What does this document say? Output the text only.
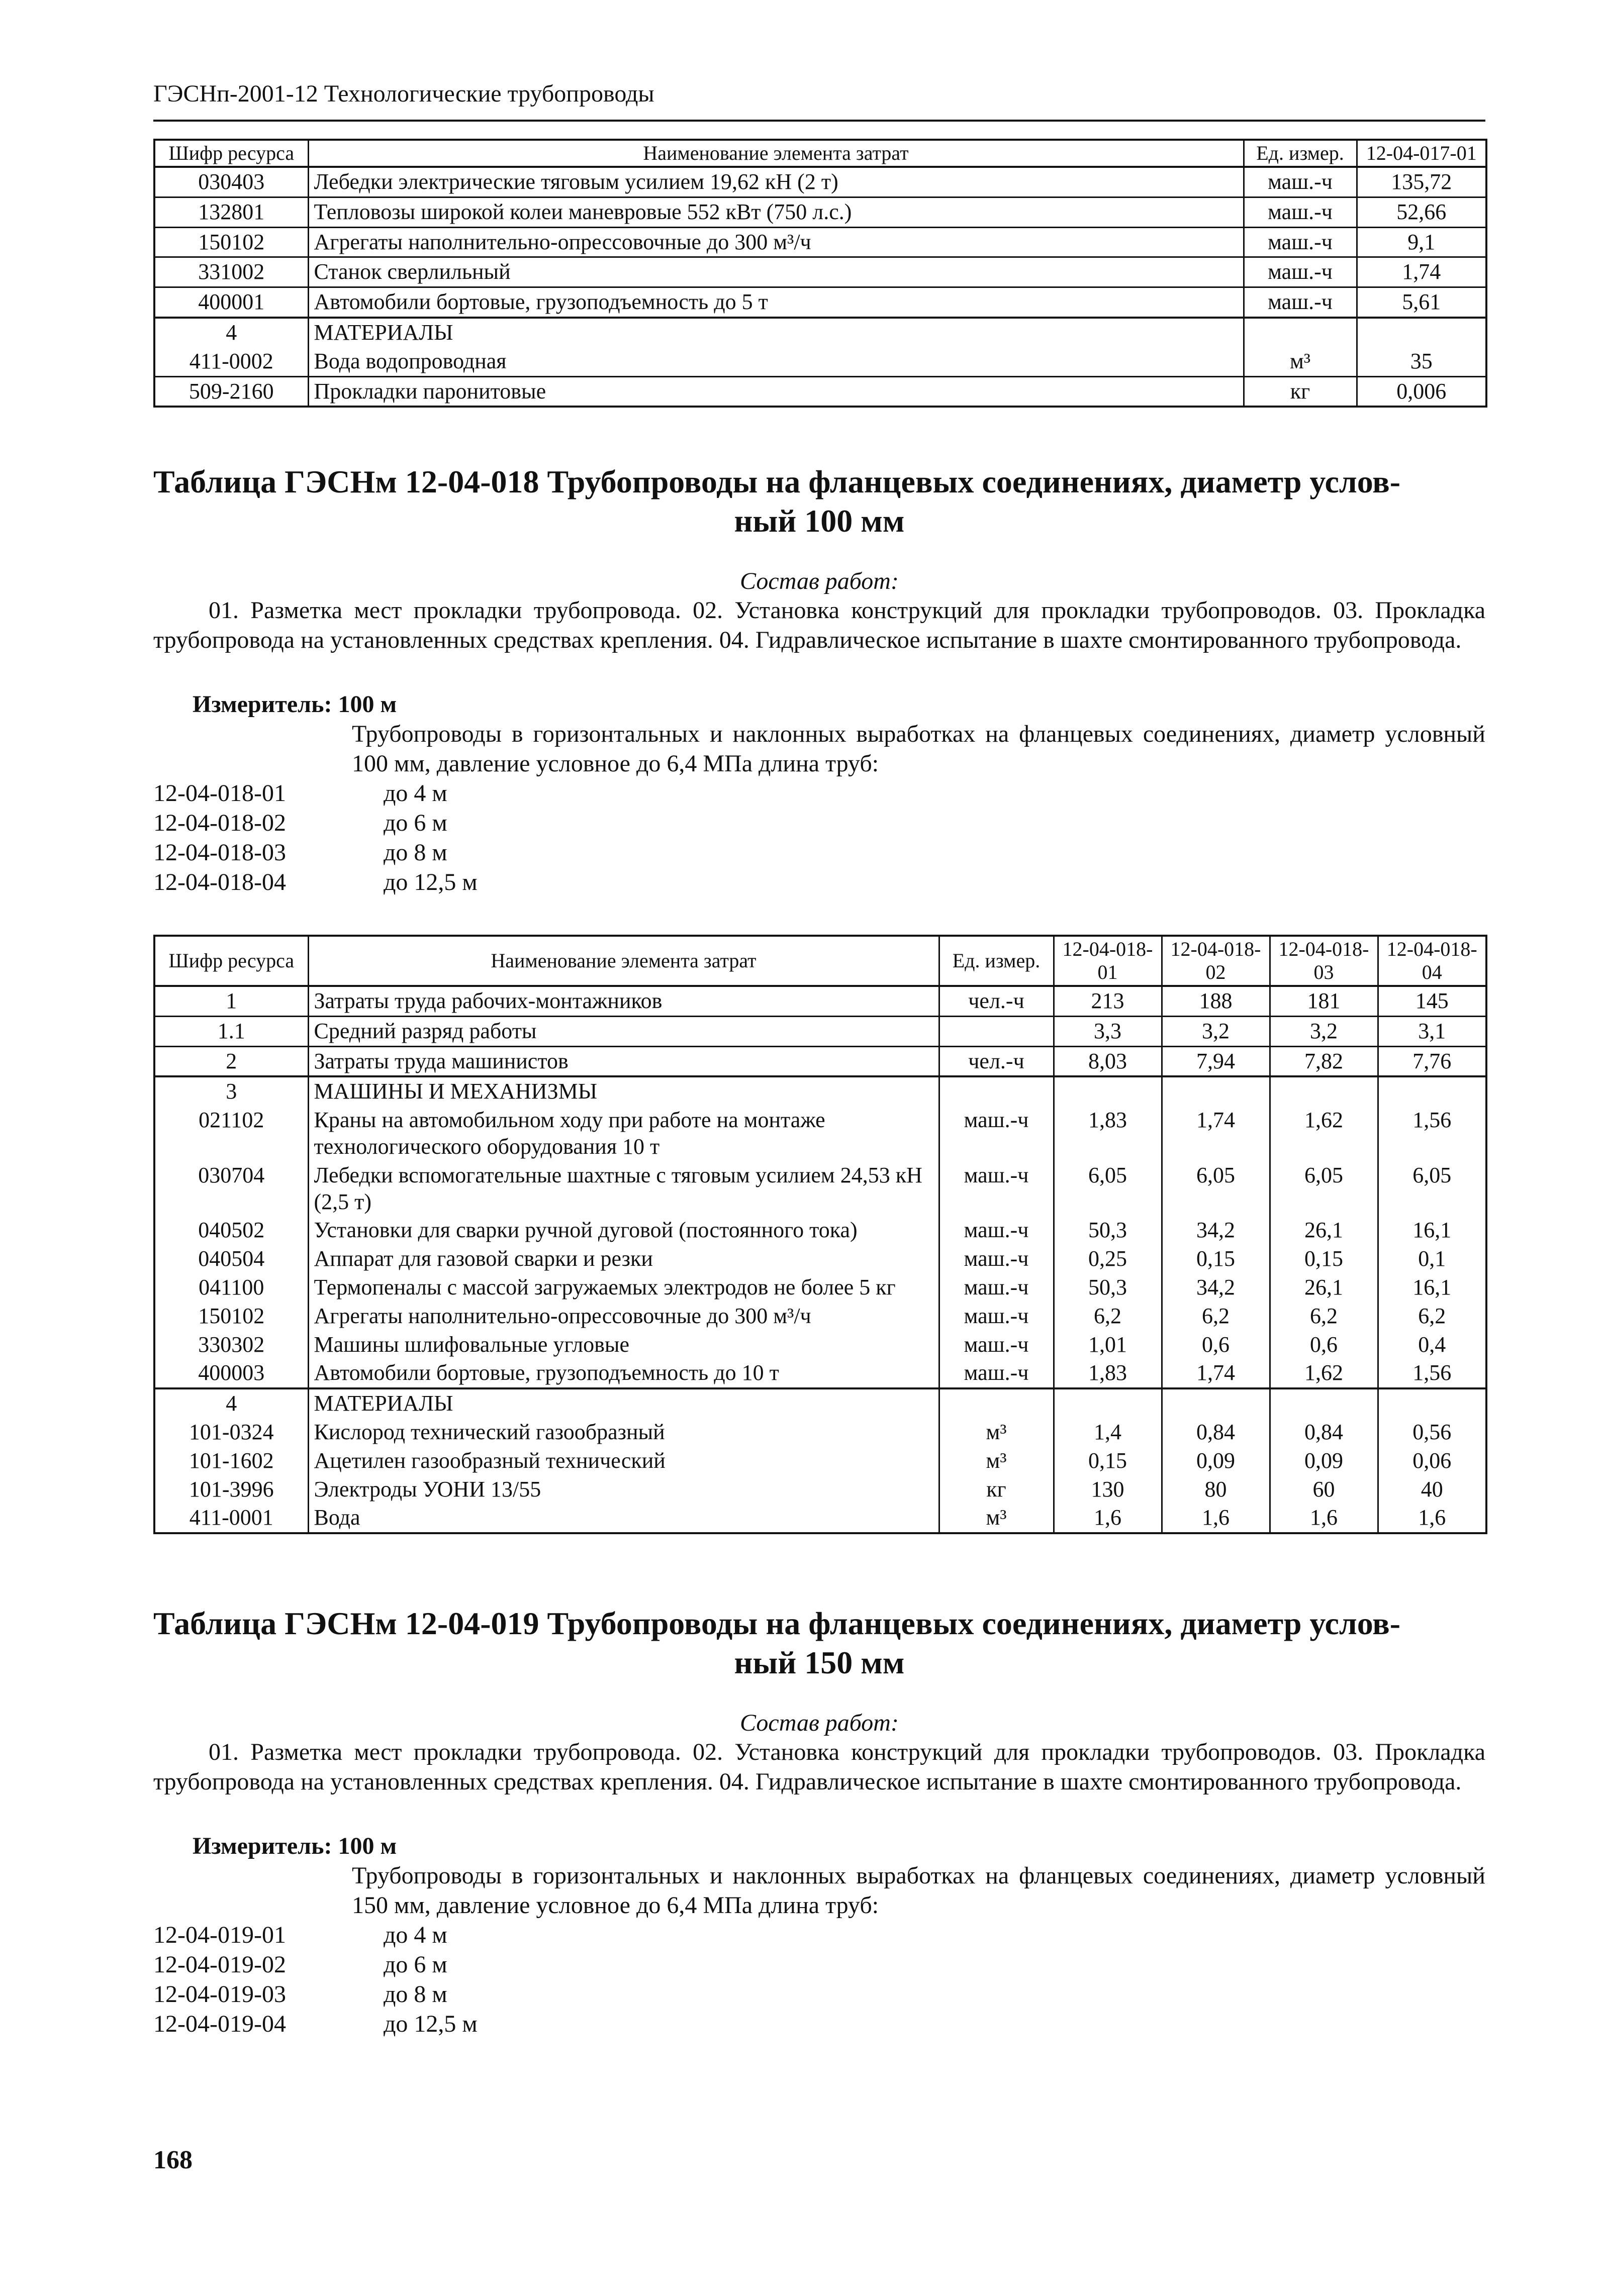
ГЭСНп-2001-12 Технологические трубопроводы
Шифр ресурса	Наименование элемента затрат	Ед. измер.	12-04-017-01
030403	Лебедки электрические тяговым усилием 19,62 кН (2 т)	маш.-ч	135,72
132801	Тепловозы широкой колеи маневровые 552 кВт (750 л.с.)	маш.-ч	52,66
150102	Агрегаты наполнительно-опрессовочные до 300 м³/ч	маш.-ч	9,1
331002	Станок сверлильный	маш.-ч	1,74
400001	Автомобили бортовые, грузоподъемность до 5 т	маш.-ч	5,61
4	МАТЕРИАЛЫ		
411-0002	Вода водопроводная	м³	35
509-2160	Прокладки паронитовые	кг	0,006
Таблица ГЭСНм 12-04-018 Трубопроводы на фланцевых соединениях, диаметр услов-
ный 100 мм
Состав работ:
01. Разметка мест прокладки трубопровода. 02. Установка конструкций для прокладки трубопроводов. 03. Прокладка трубопровода на установленных средствах крепления. 04. Гидравлическое испытание в шахте смонтированного трубопровода.
Измеритель: 100 м
Трубопроводы в горизонтальных и наклонных выработках на фланцевых соединениях, диаметр условный 100 мм, давление условное до 6,4 МПа длина труб:
12-04-018-01	до 4 м
12-04-018-02	до 6 м
12-04-018-03	до 8 м
12-04-018-04	до 12,5 м
Шифр ресурса	Наименование элемента затрат	Ед. измер.	12-04-018-01	12-04-018-02	12-04-018-03	12-04-018-04
1	Затраты труда рабочих-монтажников	чел.-ч	213	188	181	145
1.1	Средний разряд работы		3,3	3,2	3,2	3,1
2	Затраты труда машинистов	чел.-ч	8,03	7,94	7,82	7,76
3	МАШИНЫ И МЕХАНИЗМЫ					
021102	Краны на автомобильном ходу при работе на монтаже технологического оборудования 10 т	маш.-ч	1,83	1,74	1,62	1,56
030704	Лебедки вспомогательные шахтные с тяговым усилием 24,53 кН (2,5 т)	маш.-ч	6,05	6,05	6,05	6,05
040502	Установки для сварки ручной дуговой (постоянного тока)	маш.-ч	50,3	34,2	26,1	16,1
040504	Аппарат для газовой сварки и резки	маш.-ч	0,25	0,15	0,15	0,1
041100	Термопеналы с массой загружаемых электродов не более 5 кг	маш.-ч	50,3	34,2	26,1	16,1
150102	Агрегаты наполнительно-опрессовочные до 300 м³/ч	маш.-ч	6,2	6,2	6,2	6,2
330302	Машины шлифовальные угловые	маш.-ч	1,01	0,6	0,6	0,4
400003	Автомобили бортовые, грузоподъемность до 10 т	маш.-ч	1,83	1,74	1,62	1,56
4	МАТЕРИАЛЫ					
101-0324	Кислород технический газообразный	м³	1,4	0,84	0,84	0,56
101-1602	Ацетилен газообразный технический	м³	0,15	0,09	0,09	0,06
101-3996	Электроды УОНИ 13/55	кг	130	80	60	40
411-0001	Вода	м³	1,6	1,6	1,6	1,6
Таблица ГЭСНм 12-04-019 Трубопроводы на фланцевых соединениях, диаметр услов-
ный 150 мм
Состав работ:
01. Разметка мест прокладки трубопровода. 02. Установка конструкций для прокладки трубопроводов. 03. Прокладка трубопровода на установленных средствах крепления. 04. Гидравлическое испытание в шахте смонтированного трубопровода.
Измеритель: 100 м
Трубопроводы в горизонтальных и наклонных выработках на фланцевых соединениях, диаметр условный 150 мм, давление условное до 6,4 МПа длина труб:
12-04-019-01	до 4 м
12-04-019-02	до 6 м
12-04-019-03	до 8 м
12-04-019-04	до 12,5 м
168
